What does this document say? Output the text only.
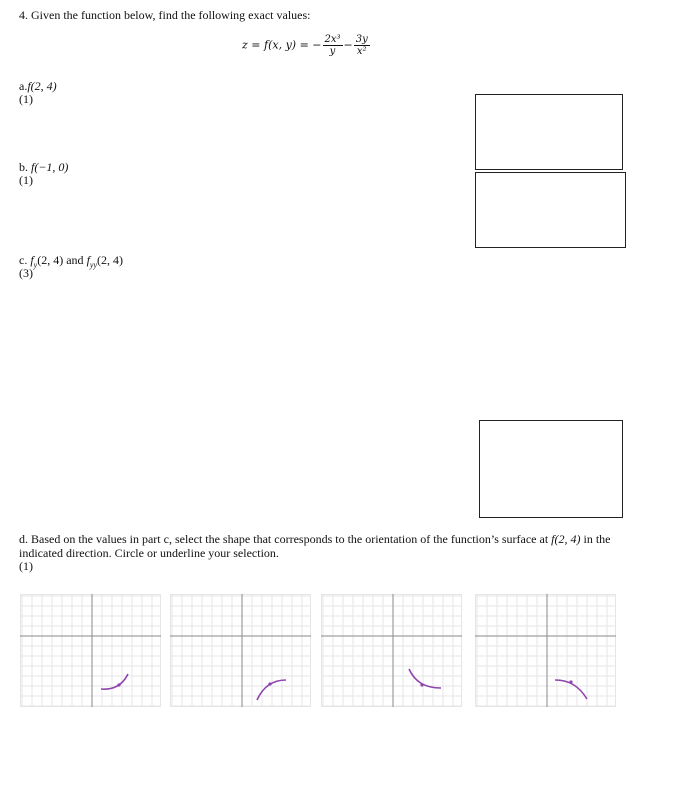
4. Given the function below, find the following exact values:
z = f(x, y) = − $\frac{\text{2x³}}{y} - \frac{3y}{\text{x²}}$
a.f(2, 4)
(1)
b. f(−1, 0)
(1)
c. $f_y(2$, 4) and $f_{yy}(2$, 4)
(3)
d. Based on the values in part c, select the shape that corresponds to the orientation of the function’s surface at f(2, 4) in the
indicated direction. Circle or underline your selection.
(1)
